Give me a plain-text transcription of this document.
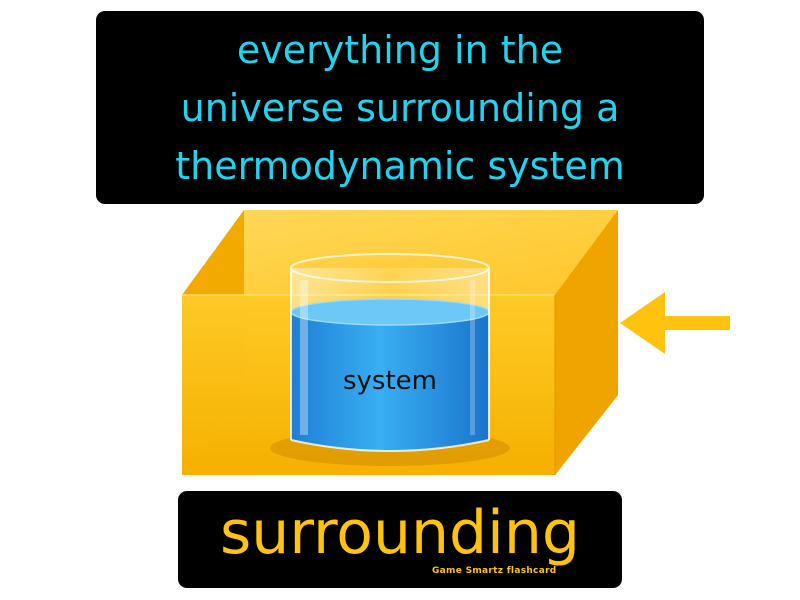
everything in the
universe surrounding a
thermodynamic system
system
surrounding
Game Smartz flashcard
